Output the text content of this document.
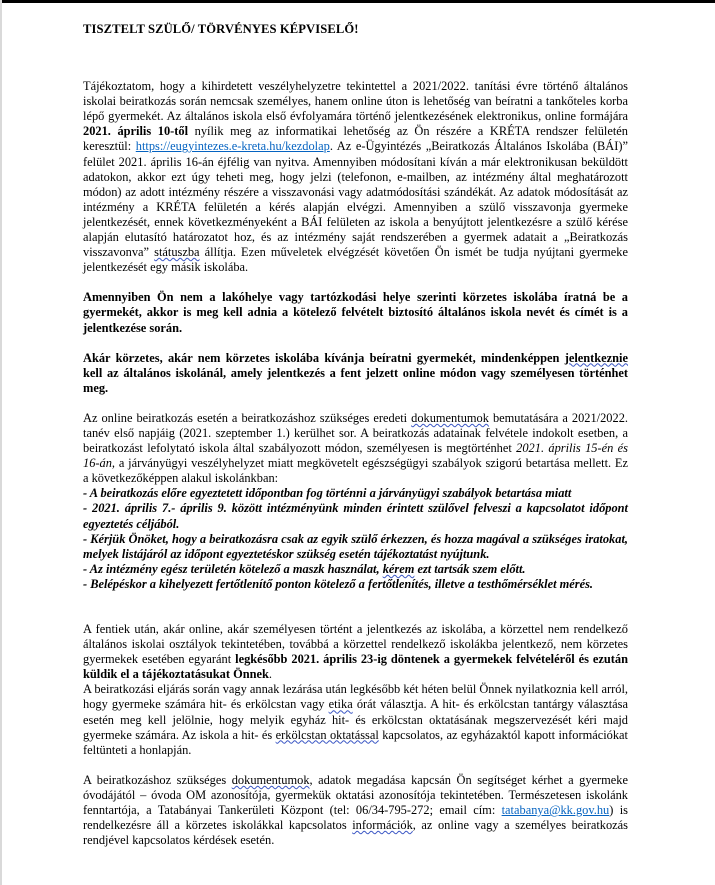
TISZTELT SZÜLŐ/ TÖRVÉNYES KÉPVISELŐ!

Tájékoztatom, hogy a kihirdetett veszélyhelyzetre tekintettel a 2021/2022. tanítási évre történő általános iskolai beiratkozás során nemcsak személyes, hanem online úton is lehetőség van beíratni a tankőteles korba lépő gyermekét. Az általános iskola első évfolyamára történő jelentkezésének elektronikus, online formájára 2021. április 10-től nyílik meg az informatikai lehetőség az Ön részére a KRÉTA rendszer felületén keresztül: https://eugyintezes.e-kreta.hu/kezdolap. Az e-Ügyintézés „Beiratkozás Általános Iskolába (BÁI)” felület 2021. április 16-án éjfélig van nyitva. Amennyiben módosítani kíván a már elektronikusan beküldött adatokon, akkor ezt úgy teheti meg, hogy jelzi (telefonon, e-mailben, az intézmény által meghatározott módon) az adott intézmény részére a visszavonási vagy adatmódosítási szándékát. Az adatok módosítását az intézmény a KRÉTA felületén a kérés alapján elvégzi. Amennyiben a szülő visszavonja gyermeke jelentkezését, ennek következményeként a BÁI felületen az iskola a benyújtott jelentkezésre a szülő kérése alapján elutasító határozatot hoz, és az intézmény saját rendszerében a gyermek adatait a „Beiratkozás visszavonva” státuszba állítja. Ezen műveletek elvégzését követően Ön ismét be tudja nyújtani gyermeke jelentkezését egy másik iskolába.

Amennyiben Ön nem a lakóhelye vagy tartózkodási helye szerinti körzetes iskolába íratná be a gyermekét, akkor is meg kell adnia a kötelező felvételt biztosító általános iskola nevét és címét is a jelentkezése során.

Akár körzetes, akár nem körzetes iskolába kívánja beíratni gyermekét, mindenképpen jelentkeznie kell az általános iskolánál, amely jelentkezés a fent jelzett online módon vagy személyesen történhet meg.

Az online beiratkozás esetén a beiratkozáshoz szükséges eredeti dokumentumok bemutatására a 2021/2022. tanév első napjáig (2021. szeptember 1.) kerülhet sor. A beiratkozás adatainak felvétele indokolt esetben, a beiratkozást lefolytató iskola által szabályozott módon, személyesen is megtörténhet 2021. április 15-én és 16-án, a járványügyi veszélyhelyzet miatt megkövetelt egészségügyi szabályok szigorú betartása mellett. Ez a következőképpen alakul iskolánkban:

- A beiratkozás előre egyeztetett időpontban fog történni a járványügyi szabályok betartása miatt

- 2021. április 7.- április 9. között intézményünk minden érintett szülővel felveszi a kapcsolatot időpont egyeztetés céljából.

- Kérjük Önöket, hogy a beiratkozásra csak az egyik szülő érkezzen, és hozza magával a szükséges iratokat, melyek listájáról az időpont egyeztetéskor szükség esetén tájékoztatást nyújtunk.

- Az intézmény egész területén kötelező a maszk használat, kérem ezt tartsák szem előtt.

- Belépéskor a kihelyezett fertőtlenítő ponton kötelező a fertőtlenítés, illetve a testhőmérséklet mérés.

A fentiek után, akár online, akár személyesen történt a jelentkezés az iskolába, a körzettel nem rendelkező általános iskolai osztályok tekintetében, továbbá a körzettel rendelkező iskolákba jelentkező, nem körzetes gyermekek esetében egyaránt legkésőbb 2021. április 23-ig döntenek a gyermekek felvételéről és ezután küldik el a tájékoztatásukat Önnek.

A beiratkozási eljárás során vagy annak lezárása után legkésőbb két héten belül Önnek nyilatkoznia kell arról, hogy gyermeke számára hit- és erkölcstan vagy etika órát választja. A hit- és erkölcstan tantárgy választása esetén meg kell jelölnie, hogy melyik egyház hit- és erkölcstan oktatásának megszervezését kéri majd gyermeke számára. Az iskola a hit- és erkölcstan oktatással kapcsolatos, az egyházaktól kapott információkat feltünteti a honlapján.

A beiratkozáshoz szükséges dokumentumok, adatok megadása kapcsán Ön segítséget kérhet a gyermeke óvodájától – óvoda OM azonosítója, gyermekük oktatási azonosítója tekintetében. Természetesen iskolánk fenntartója, a Tatabányai Tankerületi Központ (tel: 06/34-795-272; email cím: tatabanya@kk.gov.hu) is rendelkezésre áll a körzetes iskolákkal kapcsolatos információk, az online vagy a személyes beiratkozás rendjével kapcsolatos kérdések esetén.
